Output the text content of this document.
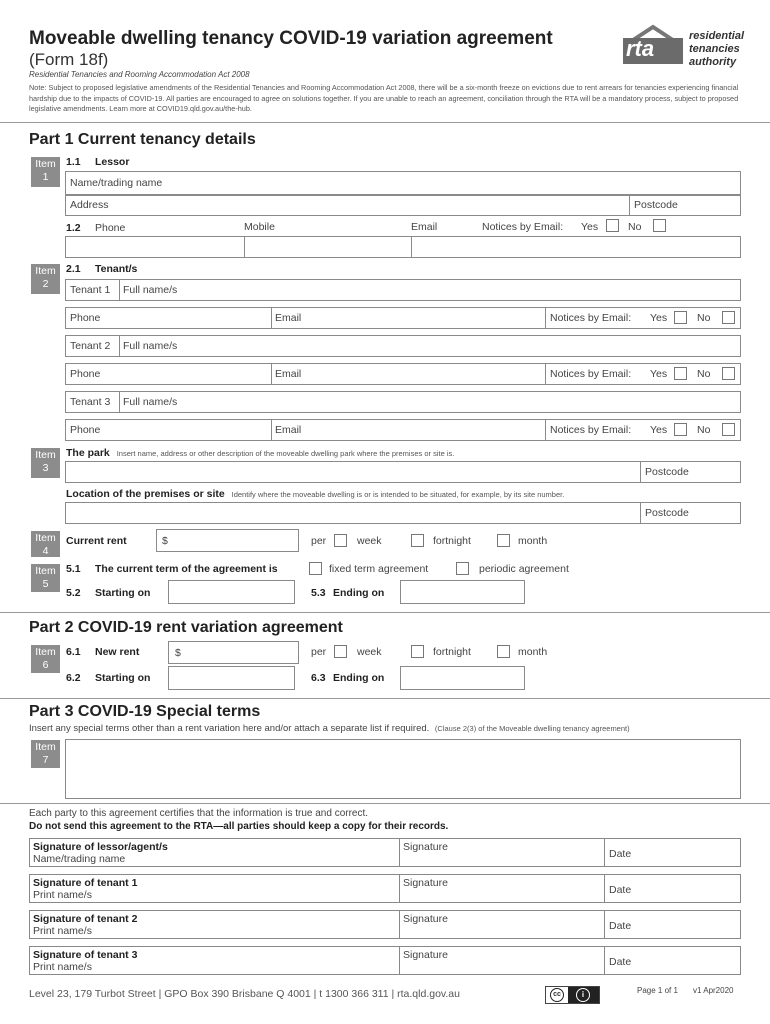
Moveable dwelling tenancy COVID-19 variation agreement
(Form 18f)
Residential Tenancies and Rooming Accommodation Act 2008
Note: Subject to proposed legislative amendments of the Residential Tenancies and Rooming Accommodation Act 2008, there will be a six-month freeze on evictions due to rent arrears for tenancies experiencing financial hardship due to the impacts of COVID-19. All parties are encouraged to agree on solutions together. If you are unable to reach an agreement, conciliation through the RTA will be a mandatory process, subject to proposed legislative amendments. Learn more at COVID19.qld.gov.au/the-hub.
rta	residential
tenancies
authority
Part 1 Current tenancy details
Item
1
1.1 Lessor
Name/trading name
Address	Postcode
1.2 Phone	Mobile	Email	Notices by Email: Yes	No
Item
2
2.1 Tenant/s
Tenant 1 Full name/s
Phone	Email	Notices by Email: Yes	No
Tenant 2 Full name/s
Phone	Email	Notices by Email: Yes	No
Tenant 3 Full name/s
Phone	Email	Notices by Email: Yes	No
Item
3
The park Insert name, address or other description of the moveable dwelling park where the premises or site is.
Postcode
Location of the premises or site Identify where the moveable dwelling is or is intended to be situated, for example, by its site number.
Postcode
Item
4
Current rent	$	per	week	fortnight	month
Item
5
5.1 The current term of the agreement is	fixed term agreement	periodic agreement
5.2 Starting on	5.3 Ending on
Part 2 COVID-19 rent variation agreement
Item
6
6.1 New rent	$	per	week	fortnight	month
6.2 Starting on	6.3 Ending on
Part 3 COVID-19 Special terms
Insert any special terms other than a rent variation here and/or attach a separate list if required. (Clause 2(3) of the Moveable dwelling tenancy agreement)
Item
7
Each party to this agreement certifies that the information is true and correct.
Do not send this agreement to the RTA—all parties should keep a copy for their records.
Signature of lessor/agent/s
Name/trading name
Signature
Date
Signature of tenant 1
Print name/s
Signature
Date
Signature of tenant 2
Print name/s
Signature
Date
Signature of tenant 3
Print name/s
Signature
Date
Level 23, 179 Turbot Street | GPO Box 390 Brisbane Q 4001 | t 1300 366 311 | rta.qld.gov.au	cc	i	Page 1 of 1 v1 Apr2020
